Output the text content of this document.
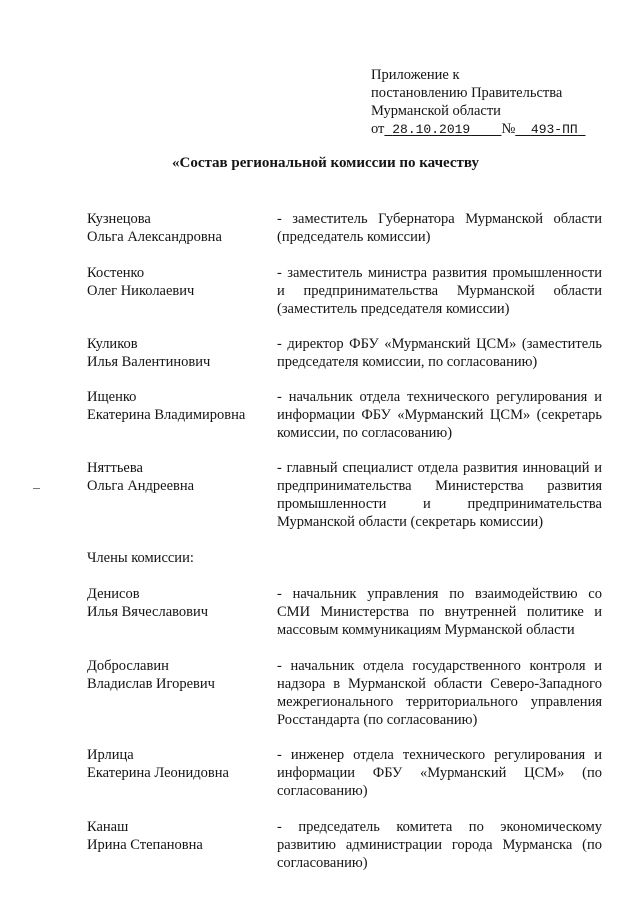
Приложение к
постановлению Правительства
Мурманской области
от 28.10.2019 № 493-ПП
«Состав региональной комиссии по качеству
Кузнецова
Ольга Александровна
- заместитель Губернатора Мурманской области (председатель комиссии)
Костенко
Олег Николаевич
- заместитель министра развития промышленности и предпринимательства Мурманской области (заместитель председателя комиссии)
Куликов
Илья Валентинович
- директор ФБУ «Мурманский ЦСМ» (заместитель председателя комиссии, по согласованию)
Ищенко
Екатерина Владимировна
- начальник отдела технического регулирования и информации ФБУ «Мурманский ЦСМ» (секретарь комиссии, по согласованию)
Няттьева
Ольга Андреевна
- главный специалист отдела развития инноваций и предпринимательства Министерства развития промышленности и предпринимательства Мурманской области (секретарь комиссии)
Члены комиссии:
Денисов
Илья Вячеславович
- начальник управления по взаимодействию со СМИ Министерства по внутренней политике и массовым коммуникациям Мурманской области
Доброславин
Владислав Игоревич
- начальник отдела государственного контроля и надзора в Мурманской области Северо-Западного межрегионального территориального управления Росстандарта (по согласованию)
Ирлица
Екатерина Леонидовна
- инженер отдела технического регулирования и информации ФБУ «Мурманский ЦСМ» (по согласованию)
Канаш
Ирина Степановна
- председатель комитета по экономическому развитию администрации города Мурманска (по согласованию)
